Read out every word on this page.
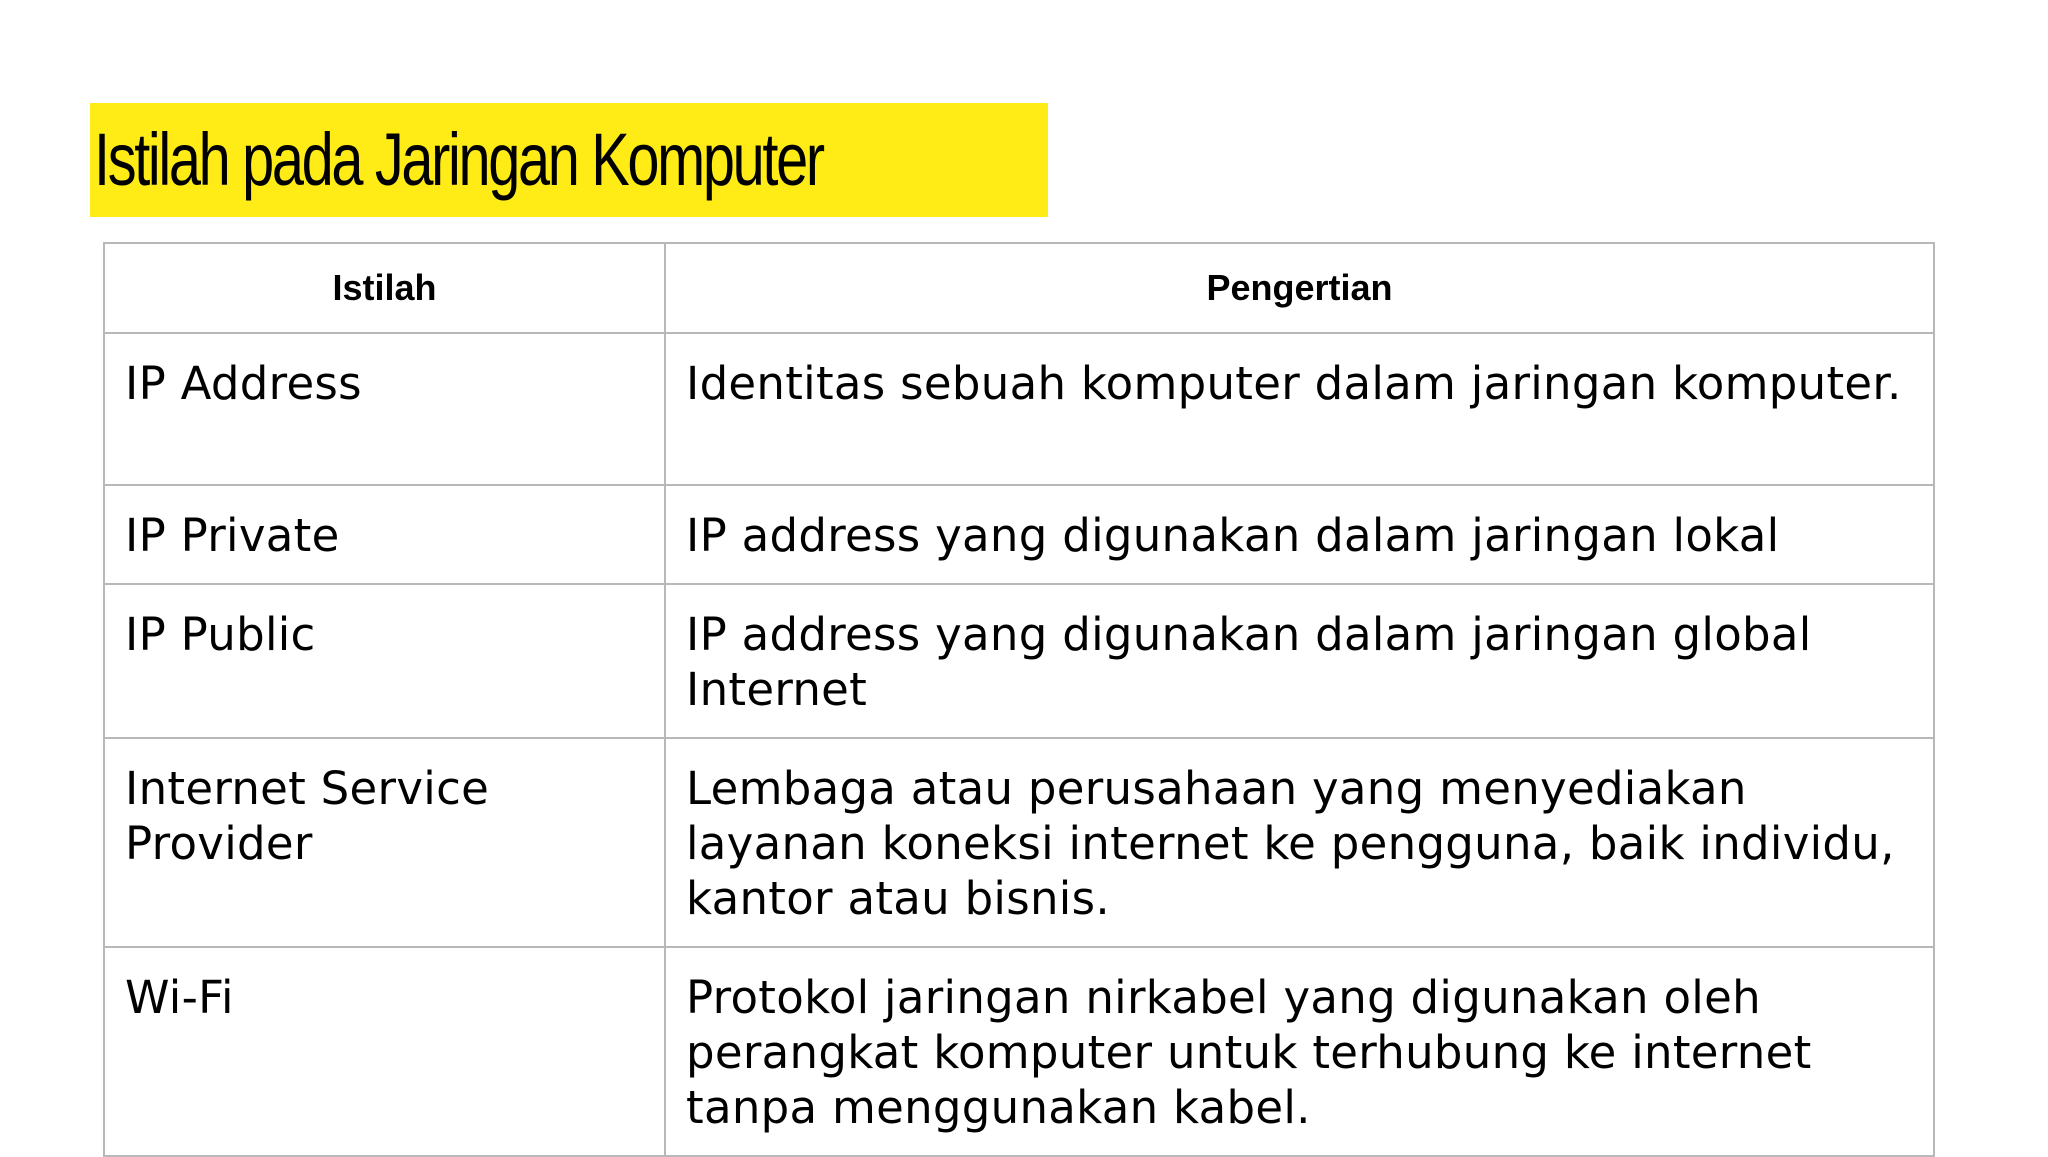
Istilah pada Jaringan Komputer
Istilah	Pengertian
IP Address	Identitas sebuah komputer dalam jaringan komputer.
IP Private	IP address yang digunakan dalam jaringan lokal
IP Public	IP address yang digunakan dalam jaringan global Internet
Internet Service Provider	Lembaga atau perusahaan yang menyediakan layanan koneksi internet ke pengguna, baik individu, kantor atau bisnis.
Wi-Fi	Protokol jaringan nirkabel yang digunakan oleh perangkat komputer untuk terhubung ke internet tanpa menggunakan kabel.
